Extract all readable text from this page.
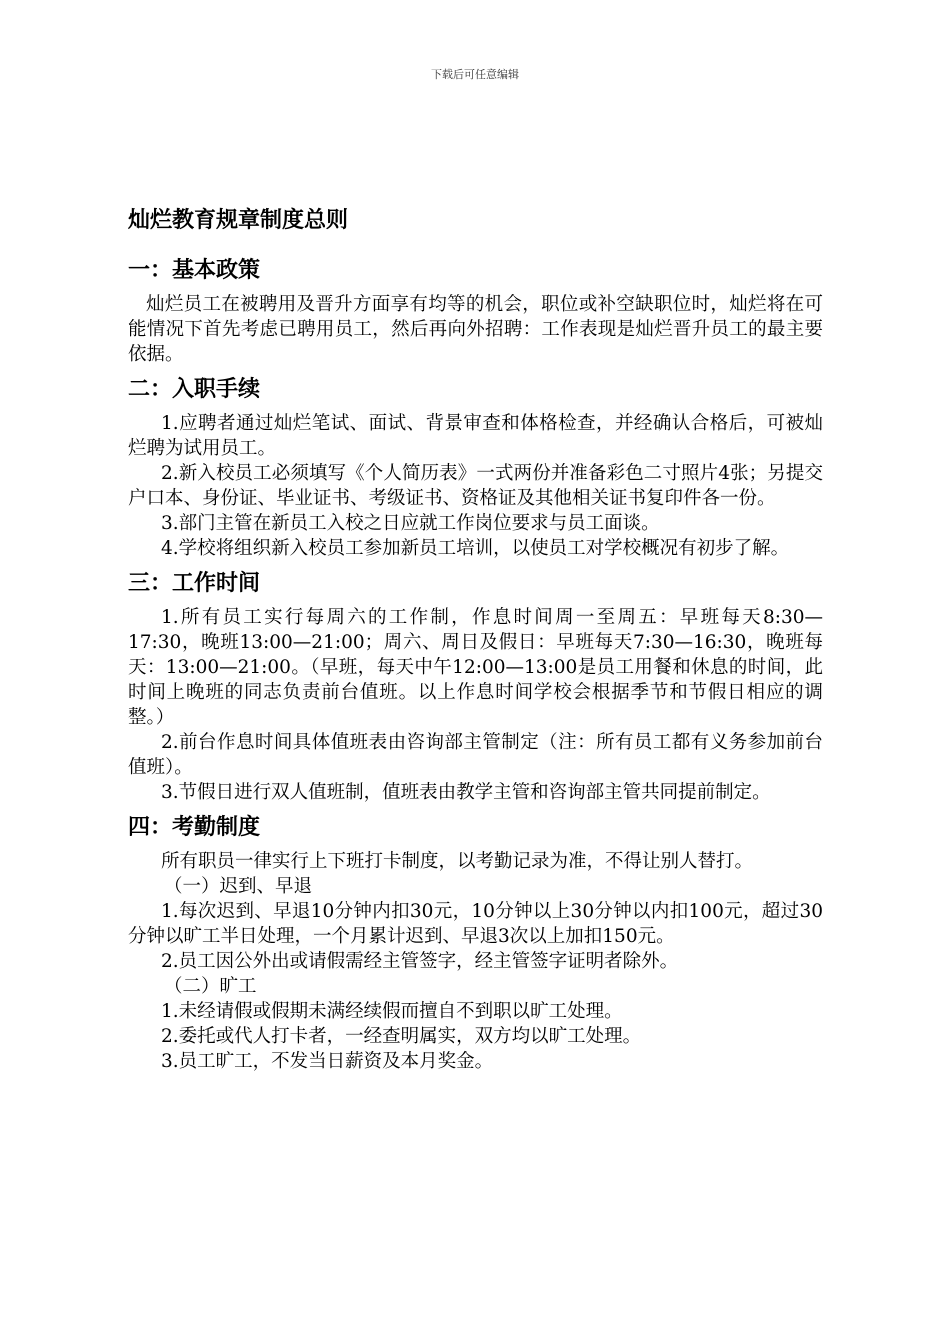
下载后可任意编辑
灿烂教育规章制度总则
一：基本政策

灿烂员工在被聘用及晋升方面享有均等的机会，职位或补空缺职位时，灿烂将在可能情况下首先考虑已聘用员工，然后再向外招聘：工作表现是灿烂晋升员工的最主要依据。

二：入职手续

1.应聘者通过灿烂笔试、面试、背景审查和体格检查，并经确认合格后，可被灿烂聘为试用员工。

2.新入校员工必须填写《个人简历表》一式两份并准备彩色二寸照片4张；另提交户口本、身份证、毕业证书、考级证书、资格证及其他相关证书复印件各一份。

3.部门主管在新员工入校之日应就工作岗位要求与员工面谈。

4.学校将组织新入校员工参加新员工培训，以使员工对学校概况有初步了解。

三：工作时间

1.所有员工实行每周六的工作制，作息时间周一至周五：早班每天8:30—17:30，晚班13:00—21:00；周六、周日及假日：早班每天7:30—16:30，晚班每天：13:00—21:00。（早班，每天中午12:00—13:00是员工用餐和休息的时间，此时间上晚班的同志负责前台值班。以上作息时间学校会根据季节和节假日相应的调整。）

2.前台作息时间具体值班表由咨询部主管制定（注：所有员工都有义务参加前台值班）。

3.节假日进行双人值班制，值班表由教学主管和咨询部主管共同提前制定。

四：考勤制度

所有职员一律实行上下班打卡制度，以考勤记录为准，不得让别人替打。

（一）迟到、早退

1.每次迟到、早退10分钟内扣30元，10分钟以上30分钟以内扣100元，超过30分钟以旷工半日处理，一个月累计迟到、早退3次以上加扣150元。

2.员工因公外出或请假需经主管签字，经主管签字证明者除外。

（二）旷工

1.未经请假或假期未满经续假而擅自不到职以旷工处理。

2.委托或代人打卡者，一经查明属实，双方均以旷工处理。

3.员工旷工，不发当日薪资及本月奖金。
